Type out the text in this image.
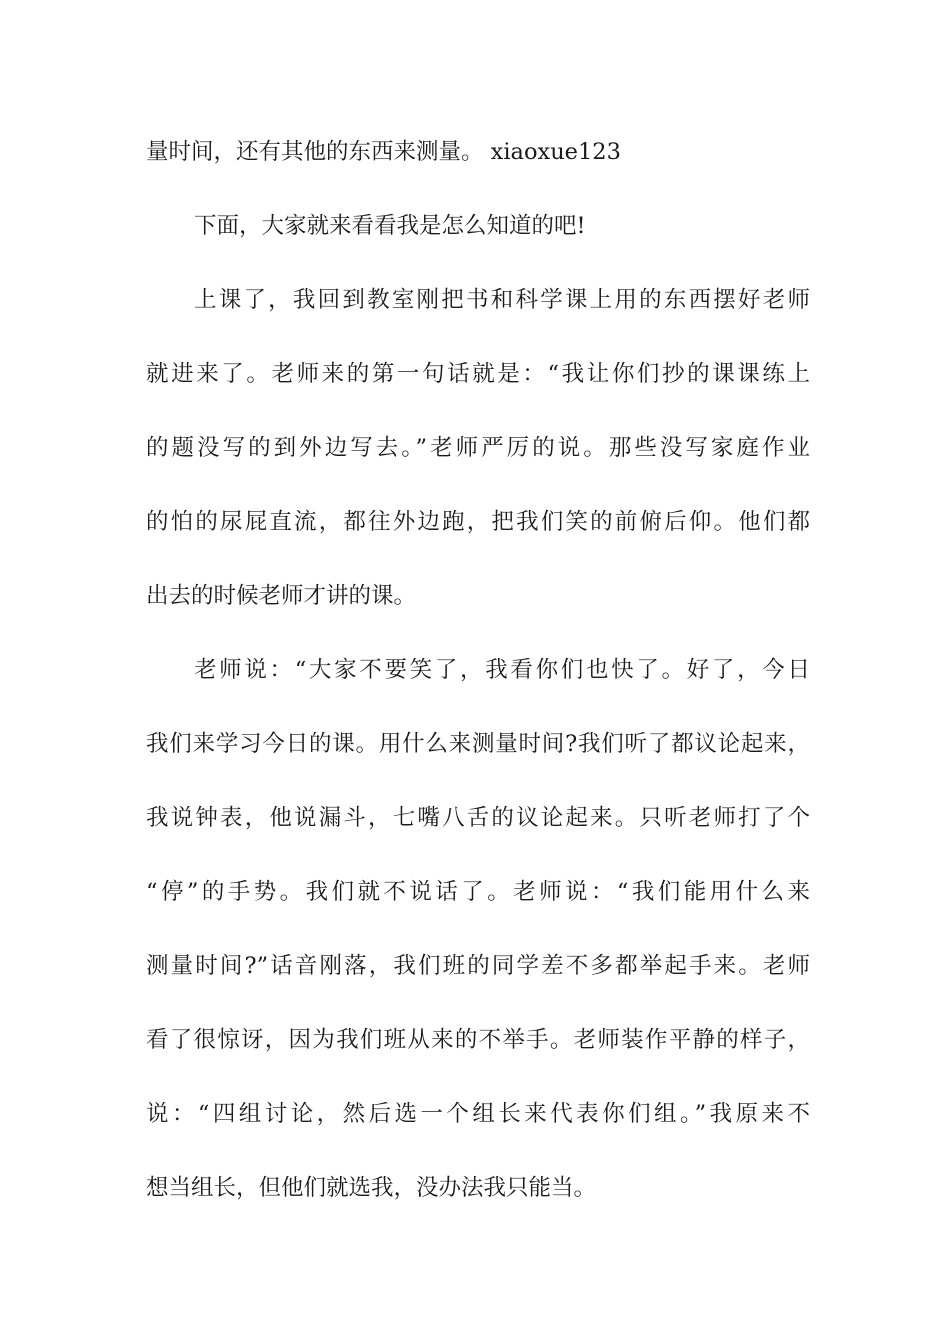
量时间，还有其他的东西来测量。 xiaoxue123
下面，大家就来看看我是怎么知道的吧!
上课了，我回到教室刚把书和科学课上用的东西摆好老师
就进来了。老师来的第一句话就是：“我让你们抄的课课练上
的题没写的到外边写去。”老师严厉的说。那些没写家庭作业
的怕的尿屁直流，都往外边跑，把我们笑的前俯后仰。他们都
出去的时候老师才讲的课。
老师说：“大家不要笑了，我看你们也快了。好了，今日
我们来学习今日的课。用什么来测量时间?我们听了都议论起来，
我说钟表，他说漏斗，七嘴八舌的议论起来。只听老师打了个
“停”的手势。我们就不说话了。老师说：“我们能用什么来
测量时间?”话音刚落，我们班的同学差不多都举起手来。老师
看了很惊讶，因为我们班从来的不举手。老师装作平静的样子，
说：“四组讨论，然后选一个组长来代表你们组。”我原来不
想当组长，但他们就选我，没办法我只能当。
